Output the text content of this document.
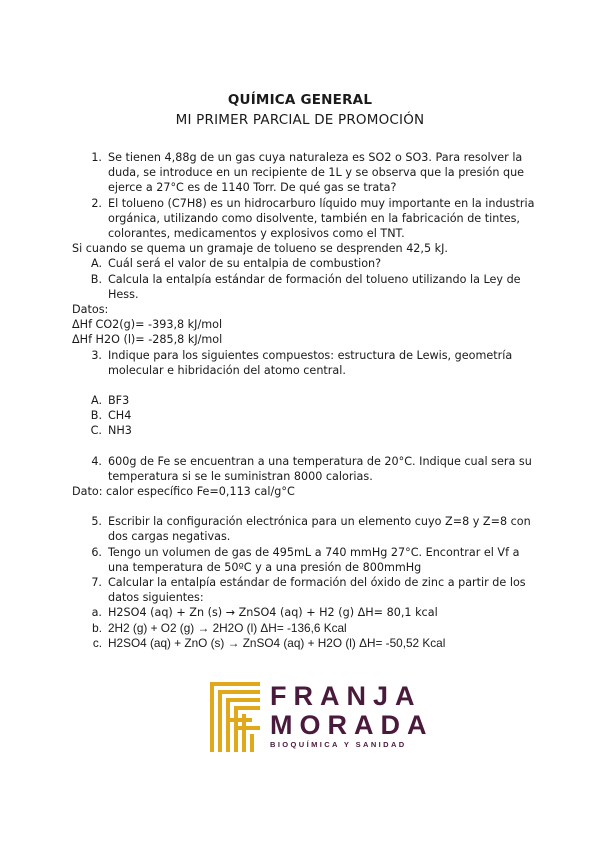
QUÍMICA GENERAL
MI PRIMER PARCIAL DE PROMOCIÓN
1. Se tienen 4,88g de un gas cuya naturaleza es SO2 o SO3. Para resolver la duda, se introduce en un recipiente de 1L y se observa que la presión que ejerce a 27°C es de 1140 Torr. De qué gas se trata?
2. El tolueno (C7H8) es un hidrocarburo líquido muy importante en la industria orgánica, utilizando como disolvente, también en la fabricación de tintes, colorantes, medicamentos y explosivos como el TNT.
Si cuando se quema un gramaje de tolueno se desprenden 42,5 kJ.
A. Cuál será el valor de su entalpia de combustion?
B. Calcula la entalpía estándar de formación del tolueno utilizando la Ley de Hess.
Datos:
ΔHf CO2(g)= -393,8 kJ/mol
ΔHf H2O (l)= -285,8 kJ/mol
3. Indique para los siguientes compuestos: estructura de Lewis, geometría molecular e hibridación del atomo central.
A. BF3
B. CH4
C. NH3
4. 600g de Fe se encuentran a una temperatura de 20°C. Indique cual sera su temperatura si se le suministran 8000 calorias.
Dato: calor específico Fe=0,113 cal/g°C
5. Escribir la configuración electrónica para un elemento cuyo Z=8 y Z=8 con dos cargas negativas.
6. Tengo un volumen de gas de 495mL a 740 mmHg 27°C. Encontrar el Vf a una temperatura de 50ºC y a una presión de 800mmHg
7. Calcular la entalpía estándar de formación del óxido de zinc a partir de los datos siguientes:
a. H2SO4 (aq) + Zn (s) → ZnSO4 (aq) + H2 (g) ΔH= 80,1 kcal
b. 2H2 (g) + O2 (g) → 2H2O (l) ΔH= -136,6 Kcal
c. H2SO4 (aq) + ZnO (s) → ZnSO4 (aq) + H2O (l) ΔH= -50,52 Kcal
FRANJA
MORADA
BIOQUÍMICA Y SANIDAD
